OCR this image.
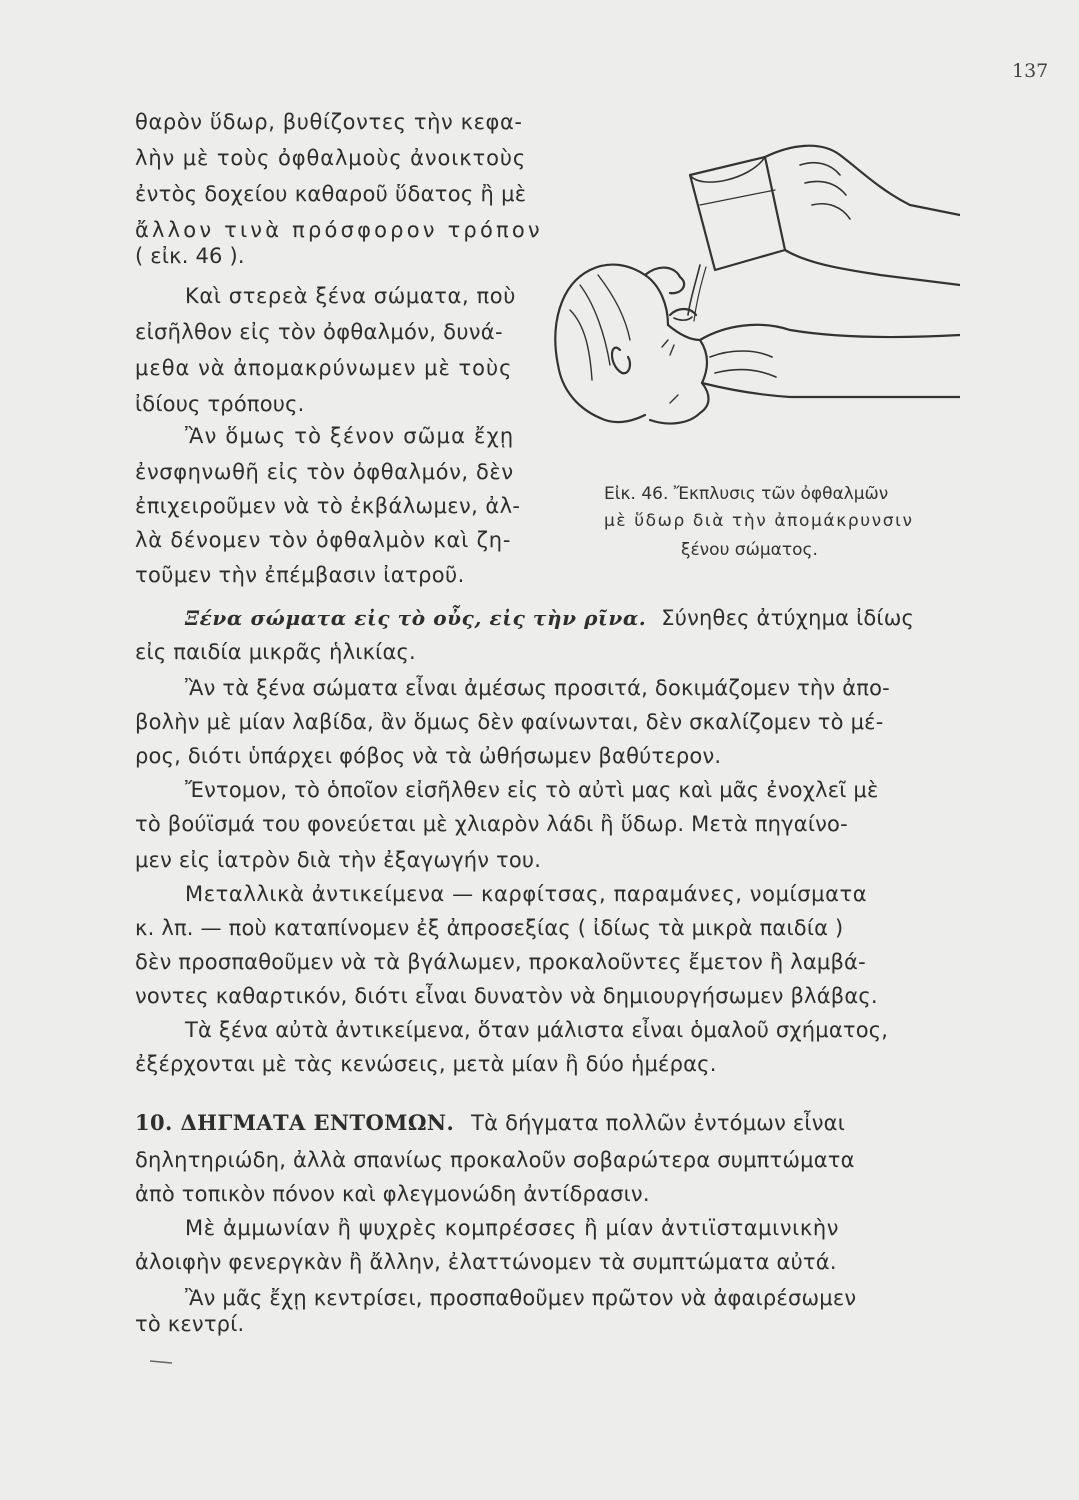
137
θαρὸν ὕδωρ, βυθίζοντες τὴν κεφα-
λὴν μὲ τοὺς ὀφθαλμοὺς ἀνοικτοὺς
ἐντὸς δοχείου καθαροῦ ὕδατος ἢ μὲ
ἄλλον τινὰ πρόσφορον τρόπον
( εἰκ. 46 ).
Καὶ στερεὰ ξένα σώματα, ποὺ
εἰσῆλθον εἰς τὸν ὀφθαλμόν, δυνά-
μεθα νὰ ἀπομακρύνωμεν μὲ τοὺς
ἰδίους τρόπους.
Ἂν ὅμως τὸ ξένον σῶμα ἔχῃ
ἐνσφηνωθῆ εἰς τὸν ὀφθαλμόν, δὲν
ἐπιχειροῦμεν νὰ τὸ ἐκβάλωμεν, ἀλ-
λὰ δένομεν τὸν ὀφθαλμὸν καὶ ζη-
τοῦμεν τὴν ἐπέμβασιν ἰατροῦ.
Εἰκ. 46. Ἔκπλυσις τῶν ὀφθαλμῶν
μὲ ὕδωρ διὰ τὴν ἀπομάκρυνσιν
ξένου σώματος.
Ξένα σώματα εἰς τὸ οὖς, εἰς τὴν ρῖνα. Σύνηθες ἀτύχημα ἰδίως
εἰς παιδία μικρᾶς ἡλικίας.
Ἂν τὰ ξένα σώματα εἶναι ἀμέσως προσιτά, δοκιμάζομεν τὴν ἀπο-
βολὴν μὲ μίαν λαβίδα, ἂν ὅμως δὲν φαίνωνται, δὲν σκαλίζομεν τὸ μέ-
ρος, διότι ὑπάρχει φόβος νὰ τὰ ὠθήσωμεν βαθύτερον.
Ἔντομον, τὸ ὁποῖον εἰσῆλθεν εἰς τὸ αὐτὶ μας καὶ μᾶς ἐνοχλεῖ μὲ
τὸ βούϊσμά του φονεύεται μὲ χλιαρὸν λάδι ἢ ὕδωρ. Μετὰ πηγαίνο-
μεν εἰς ἰατρὸν διὰ τὴν ἐξαγωγήν του.
Μεταλλικὰ ἀντικείμενα — καρφίτσας, παραμάνες, νομίσματα
κ. λπ. — ποὺ καταπίνομεν ἐξ ἀπροσεξίας ( ἰδίως τὰ μικρὰ παιδία )
δὲν προσπαθοῦμεν νὰ τὰ βγάλωμεν, προκαλοῦντες ἔμετον ἢ λαμβά-
νοντες καθαρτικόν, διότι εἶναι δυνατὸν νὰ δημιουργήσωμεν βλάβας.
Τὰ ξένα αὐτὰ ἀντικείμενα, ὅταν μάλιστα εἶναι ὁμαλοῦ σχήματος,
ἐξέρχονται μὲ τὰς κενώσεις, μετὰ μίαν ἢ δύο ἡμέρας.
10. ΔΗΓΜΑΤΑ ΕΝΤΟΜΩΝ. Τὰ δήγματα πολλῶν ἐντόμων εἶναι
δηλητηριώδη, ἀλλὰ σπανίως προκαλοῦν σοβαρώτερα συμπτώματα
ἀπὸ τοπικὸν πόνον καὶ φλεγμονώδη ἀντίδρασιν.
Μὲ ἀμμωνίαν ἢ ψυχρὲς κομπρέσσες ἢ μίαν ἀντιϊσταμινικὴν
ἀλοιφὴν φενεργκὰν ἢ ἄλλην, ἐλαττώνομεν τὰ συμπτώματα αὐτά.
Ἂν μᾶς ἔχῃ κεντρίσει, προσπαθοῦμεν πρῶτον νὰ ἀφαιρέσωμεν
τὸ κεντρί.
